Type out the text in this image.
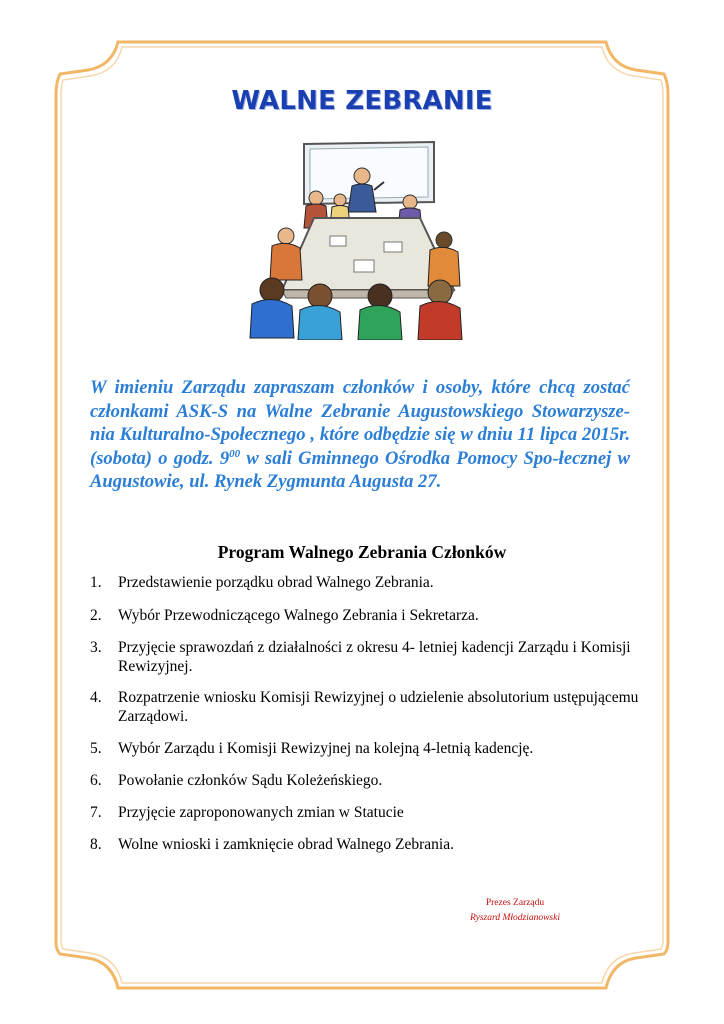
WALNE ZEBRANIE

W imieniu Zarządu zapraszam członków i osoby, które chcą zostać członkami ASK-S na Walne Zebranie Augustowskiego Stowarzysze-nia Kulturalno-Społecznego , które odbędzie się w dniu 11 lipca 2015r. (sobota) o godz. $9^{00}$ w sali Gminnego Ośrodka Pomocy Spo-łecznej w Augustowie, ul. Rynek Zygmunta Augusta 27.

Program Walnego Zebrania Członków
1.	Przedstawienie porządku obrad Walnego Zebrania.
2.	Wybór Przewodniczącego Walnego Zebrania i Sekretarza.
3.	Przyjęcie sprawozdań z działalności z okresu 4- letniej kadencji Zarządu i Komisji Rewizyjnej.
4.	Rozpatrzenie wniosku Komisji Rewizyjnej o udzielenie absolutorium ustępującemu Zarządowi.
5.	Wybór Zarządu i Komisji Rewizyjnej na kolejną 4-letnią kadencję.
6.	Powołanie członków Sądu Koleżeńskiego.
7.	Przyjęcie zaproponowanych zmian w Statucie
8.	Wolne wnioski i zamknięcie obrad Walnego Zebrania.
Prezes Zarządu
Ryszard Młodzianowski
